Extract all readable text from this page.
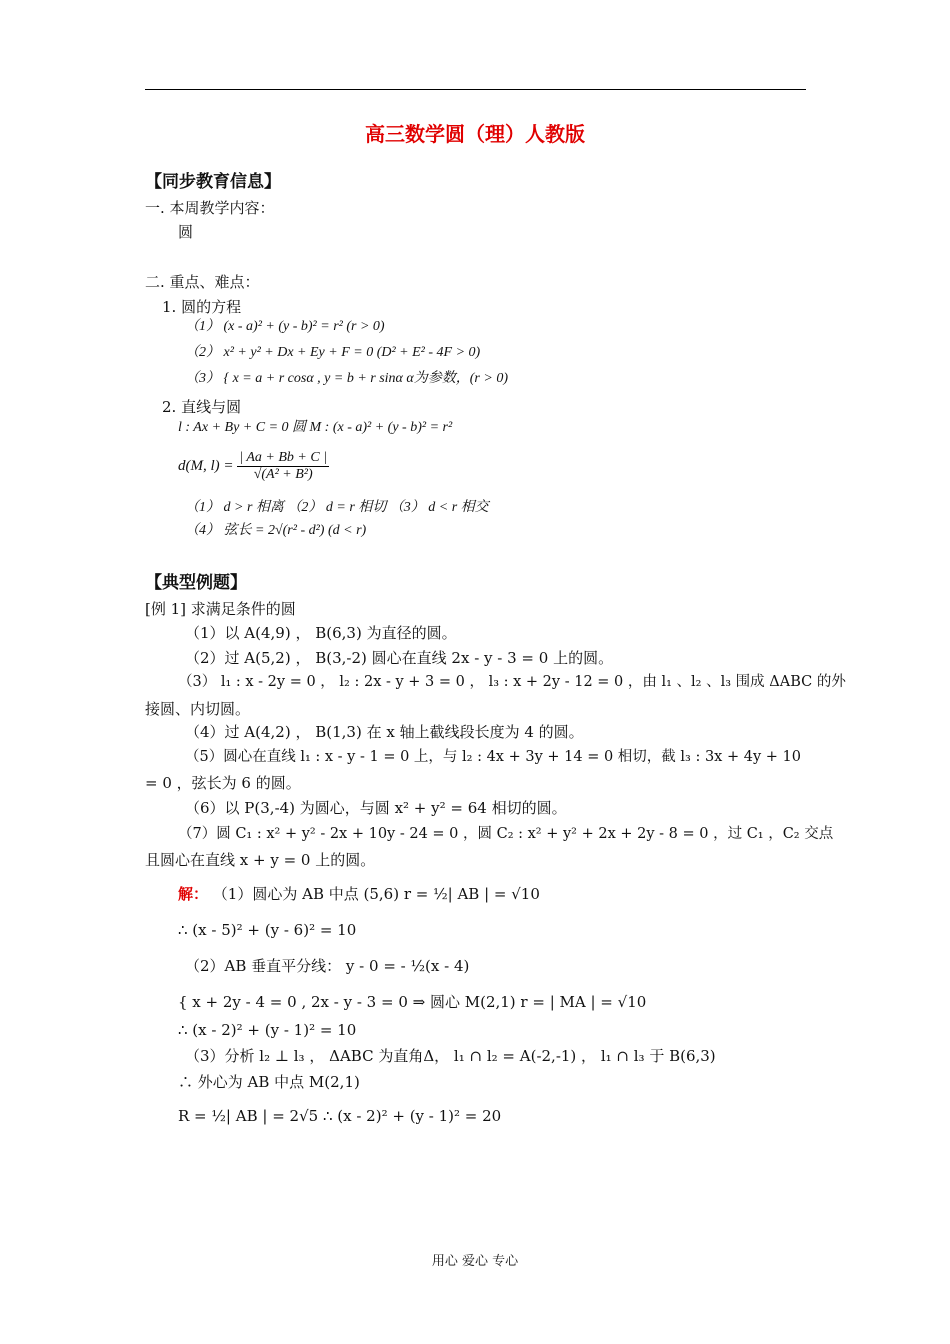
高三数学圆（理）人教版
【同步教育信息】
一. 本周教学内容：
圆
二. 重点、难点：
1. 圆的方程
（1） (x - a)² + (y - b)² = r² (r > 0)
（2） x² + y² + Dx + Ey + F = 0 (D² + E² - 4F > 0)
（3） { x = a + r cosα , y = b + r sinα α为参数，(r > 0)
2. 直线与圆
l : Ax + By + C = 0 圆 M : (x - a)² + (y - b)² = r²
d(M, $l) = \frac{| Aa + Bb + C |}{\text{√(A² + B²)}}$
（1） d > r 相离 （2） d = r 相切 （3） d < r 相交
（4） 弦长 = 2√(r² - d²) (d < r)
【典型例题】
[例 1] 求满足条件的圆
（1）以 A(4,9) ， B(6,3) 为直径的圆。
（2）过 A(5,2) ， B(3,-2) 圆心在直线 2x - y - 3 = 0 上的圆。
（3） l₁ : x - 2y = 0 ， l₂ : 2x - y + 3 = 0 ， l₃ : x + 2y - 12 = 0 ，由 l₁ 、l₂ 、l₃ 围成 ΔABC 的外
接圆、内切圆。
（4）过 A(4,2) ， B(1,3) 在 x 轴上截线段长度为 4 的圆。
（5）圆心在直线 l₁ : x - y - 1 = 0 上，与 l₂ : 4x + 3y + 14 = 0 相切，截 l₃ : 3x + 4y + 10
= 0 ，弦长为 6 的圆。
（6）以 P(3,-4) 为圆心，与圆 x² + y² = 64 相切的圆。
（7）圆 C₁ : x² + y² - 2x + 10y - 24 = 0 ，圆 C₂ : x² + y² + 2x + 2y - 8 = 0 ，过 C₁ ，C₂ 交点
且圆心在直线 x + y = 0 上的圆。
解： （1）圆心为 AB 中点 (5,6) r = ½| AB | = √10
∴ (x - 5)² + (y - 6)² = 10
（2）AB 垂直平分线： y - 0 = - ½(x - 4)
{ x + 2y - 4 = 0 , 2x - y - 3 = 0 ⇒ 圆心 M(2,1) r = | MA | = √10
∴ (x - 2)² + (y - 1)² = 10
（3）分析 l₂ ⊥ l₃ ， ΔABC 为直角Δ， l₁ ∩ l₂ = A(-2,-1) ， l₁ ∩ l₃ 于 B(6,3)
∴ 外心为 AB 中点 M(2,1)
R = ½| AB | = 2√5 ∴ (x - 2)² + (y - 1)² = 20
用心 爱心 专心
